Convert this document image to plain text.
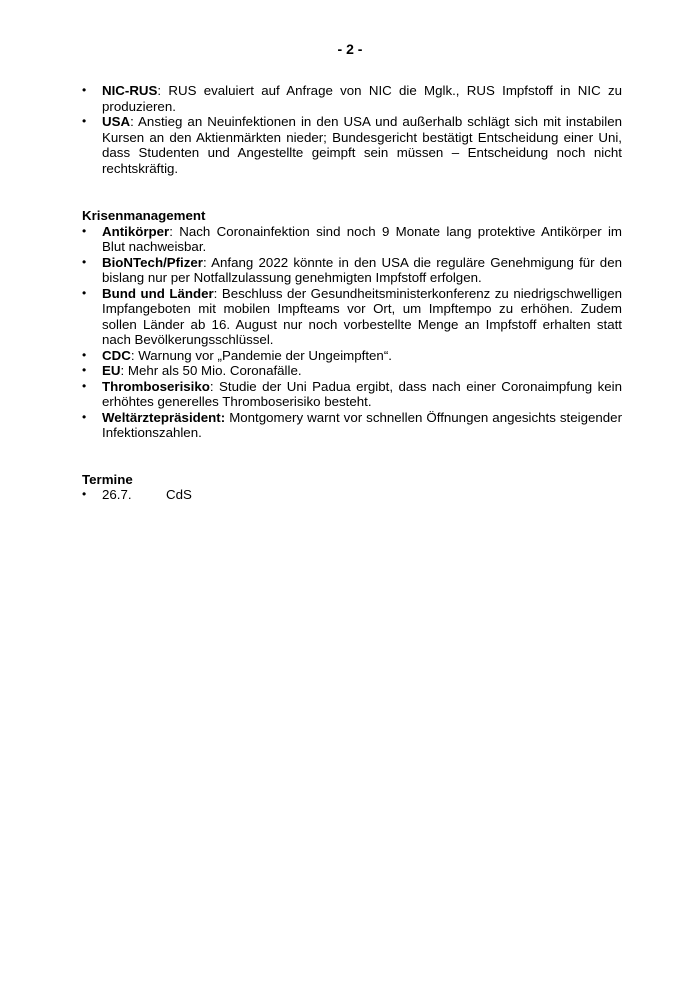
- 2 -
• NIC-RUS: RUS evaluiert auf Anfrage von NIC die Mglk., RUS Impfstoff in NIC zu produzieren.
• USA: Anstieg an Neuinfektionen in den USA und außerhalb schlägt sich mit instabilen Kursen an den Aktienmärkten nieder; Bundesgericht bestätigt Entscheidung einer Uni, dass Studenten und Angestellte geimpft sein müssen – Entscheidung noch nicht rechtskräftig.

Krisenmanagement

• Antikörper: Nach Coronainfektion sind noch 9 Monate lang protektive Antikörper im Blut nachweisbar.
• BioNTech/Pfizer: Anfang 2022 könnte in den USA die reguläre Genehmigung für den bislang nur per Notfallzulassung genehmigten Impfstoff erfolgen.
• Bund und Länder: Beschluss der Gesundheitsministerkonferenz zu niedrigschwelligen Impfangeboten mit mobilen Impfteams vor Ort, um Impftempo zu erhöhen. Zudem sollen Länder ab 16. August nur noch vorbestellte Menge an Impfstoff erhalten statt nach Bevölkerungsschlüssel.
• CDC: Warnung vor „Pandemie der Ungeimpften“.
• EU: Mehr als 50 Mio. Coronafälle.
• Thromboserisiko: Studie der Uni Padua ergibt, dass nach einer Coronaimpfung kein erhöhtes generelles Thromboserisiko besteht.
• Weltärztepräsident: Montgomery warnt vor schnellen Öffnungen angesichts steigender Infektionszahlen.

Termine

• 26.7.	CdS
